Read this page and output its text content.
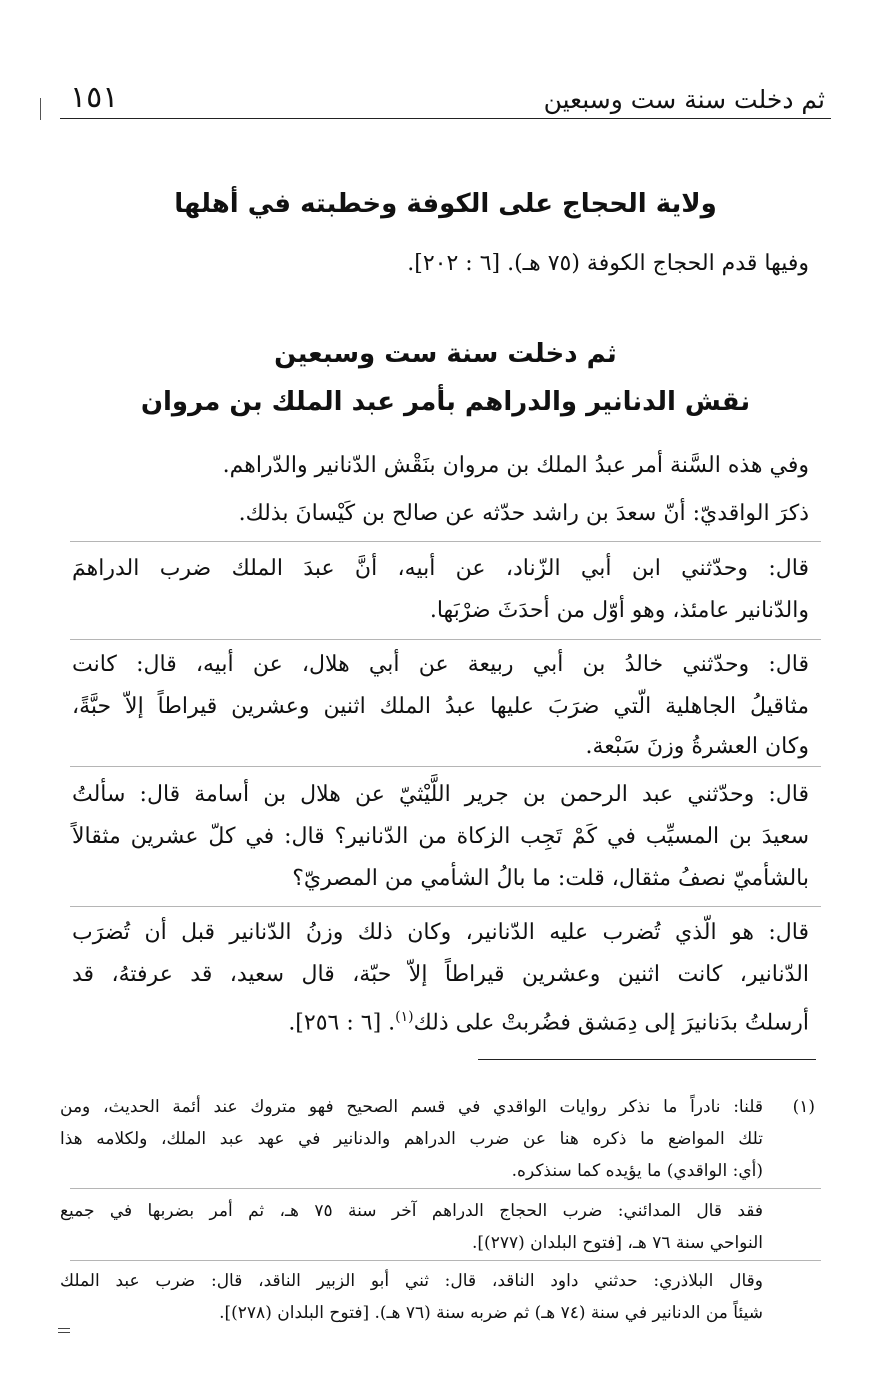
١٥١	ثم دخلت سنة ست وسبعين
ولاية الحجاج على الكوفة وخطبته في أهلها
وفيها قدم الحجاج الكوفة (٧٥ هـ). [٦ : ٢٠٢].
ثم دخلت سنة ست وسبعين
نقش الدنانير والدراهم بأمر عبد الملك بن مروان
وفي هذه السَّنة أمر عبدُ الملك بن مروان بنَقْش الدّنانير والدّراهم.
ذكرَ الواقديّ: أنّ سعدَ بن راشد حدّثه عن صالح بن كَيْسانَ بذلك.
قال: وحدّثني ابن أبي الزّناد، عن أبيه، أنَّ عبدَ الملك ضرب الدراهمَ
والدّنانير عامئذ، وهو أوّل من أحدَثَ ضرْبَها.
قال: وحدّثني خالدُ بن أبي ربيعة عن أبي هلال، عن أبيه، قال: كانت
مثاقيلُ الجاهلية الّتي ضرَبَ عليها عبدُ الملك اثنين وعشرين قيراطاً إلاّ حبَّةً،
وكان العشرةُ وزنَ سَبْعة.
قال: وحدّثني عبد الرحمن بن جرير اللَّيْثيّ عن هلال بن أسامة قال: سألتُ
سعيدَ بن المسيِّب في كَمْ تَجِب الزكاة من الدّنانير؟ قال: في كلّ عشرين مثقالاً
بالشأميّ نصفُ مثقال، قلت: ما بالُ الشأمي من المصريّ؟
قال: هو الّذي تُضرب عليه الدّنانير، وكان ذلك وزنُ الدّنانير قبل أن تُضرَب
الدّنانير، كانت اثنين وعشرين قيراطاً إلاّ حبّة، قال سعيد، قد عرفتهُ، قد
أرسلتُ بدَنانيرَ إلى دِمَشق فضُربتْ على ذلك$^{(١)}$. [٦ : ٢٥٦].
(١)
قلنا: نادراً ما نذكر روايات الواقدي في قسم الصحيح فهو متروك عند أئمة الحديث، ومن
تلك المواضع ما ذكره هنا عن ضرب الدراهم والدنانير في عهد عبد الملك، ولكلامه هذا
(أي: الواقدي) ما يؤيده كما سنذكره.
فقد قال المدائني: ضرب الحجاج الدراهم آخر سنة ٧٥ هـ، ثم أمر بضربها في جميع
النواحي سنة ٧٦ هـ، [فتوح البلدان (٢٧٧)].
وقال البلاذري: حدثني داود الناقد، قال: ثني أبو الزبير الناقد، قال: ضرب عبد الملك
شيئاً من الدنانير في سنة (٧٤ هـ) ثم ضربه سنة (٧٦ هـ). [فتوح البلدان (٢٧٨)].
